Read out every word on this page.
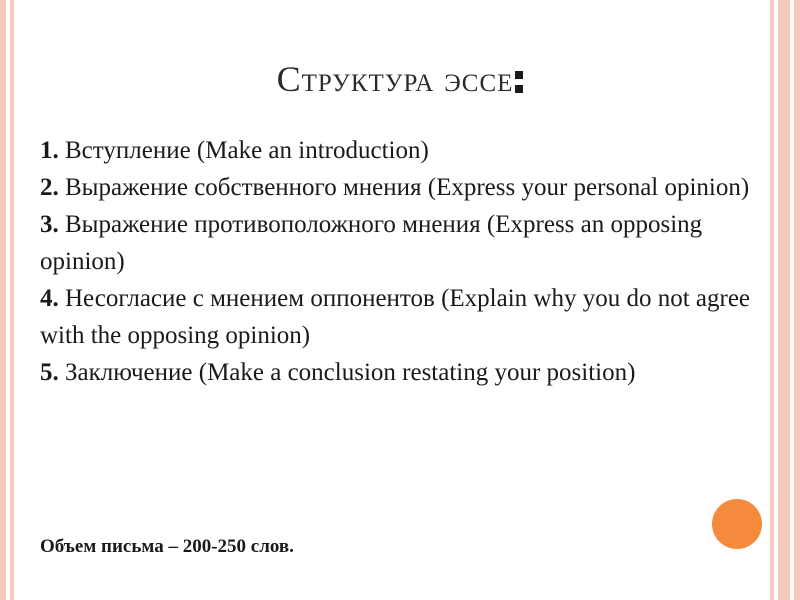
Структура эссе
1. Вступление (Make an introduction)
2. Выражение собственного мнения (Express your personal opinion)
3. Выражение противоположного мнения (Express an opposing opinion)
4. Несогласие с мнением оппонентов (Explain why you do not agree with the opposing opinion)
5. Заключение (Make a conclusion restating your position)
Объем письма – 200-250 слов.
